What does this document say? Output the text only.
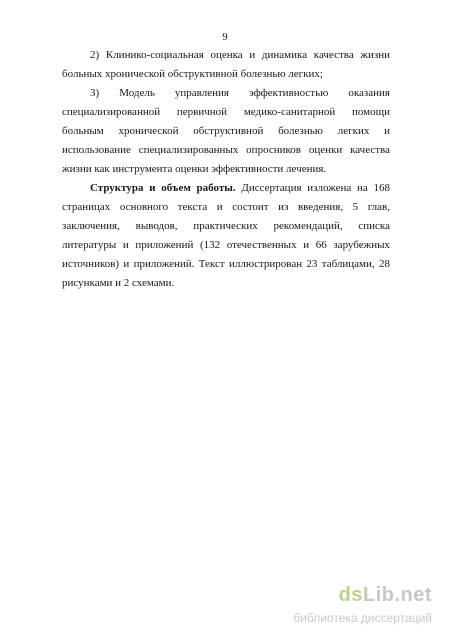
9

2) Клинико-социальная оценка и динамика качества жизни больных хронической обструктивной болезнью легких;

3) Модель управления эффективностью оказания специализированной первичной медико-санитарной помощи больным хронической обструктивной болезнью легких и использование специализированных опросников оценки качества жизни как инструмента оценки эффективности лечения.

Структура и объем работы. Диссертация изложена на 168 страницах основного текста и состоит из введения, 5 глав, заключения, выводов, практических рекомендаций, списка литературы и приложений (132 отечественных и 66 зарубежных источников) и приложений. Текст иллюстрирован 23 таблицами, 28 рисунками и 2 схемами.

dsLib.net
библиотека диссертаций
